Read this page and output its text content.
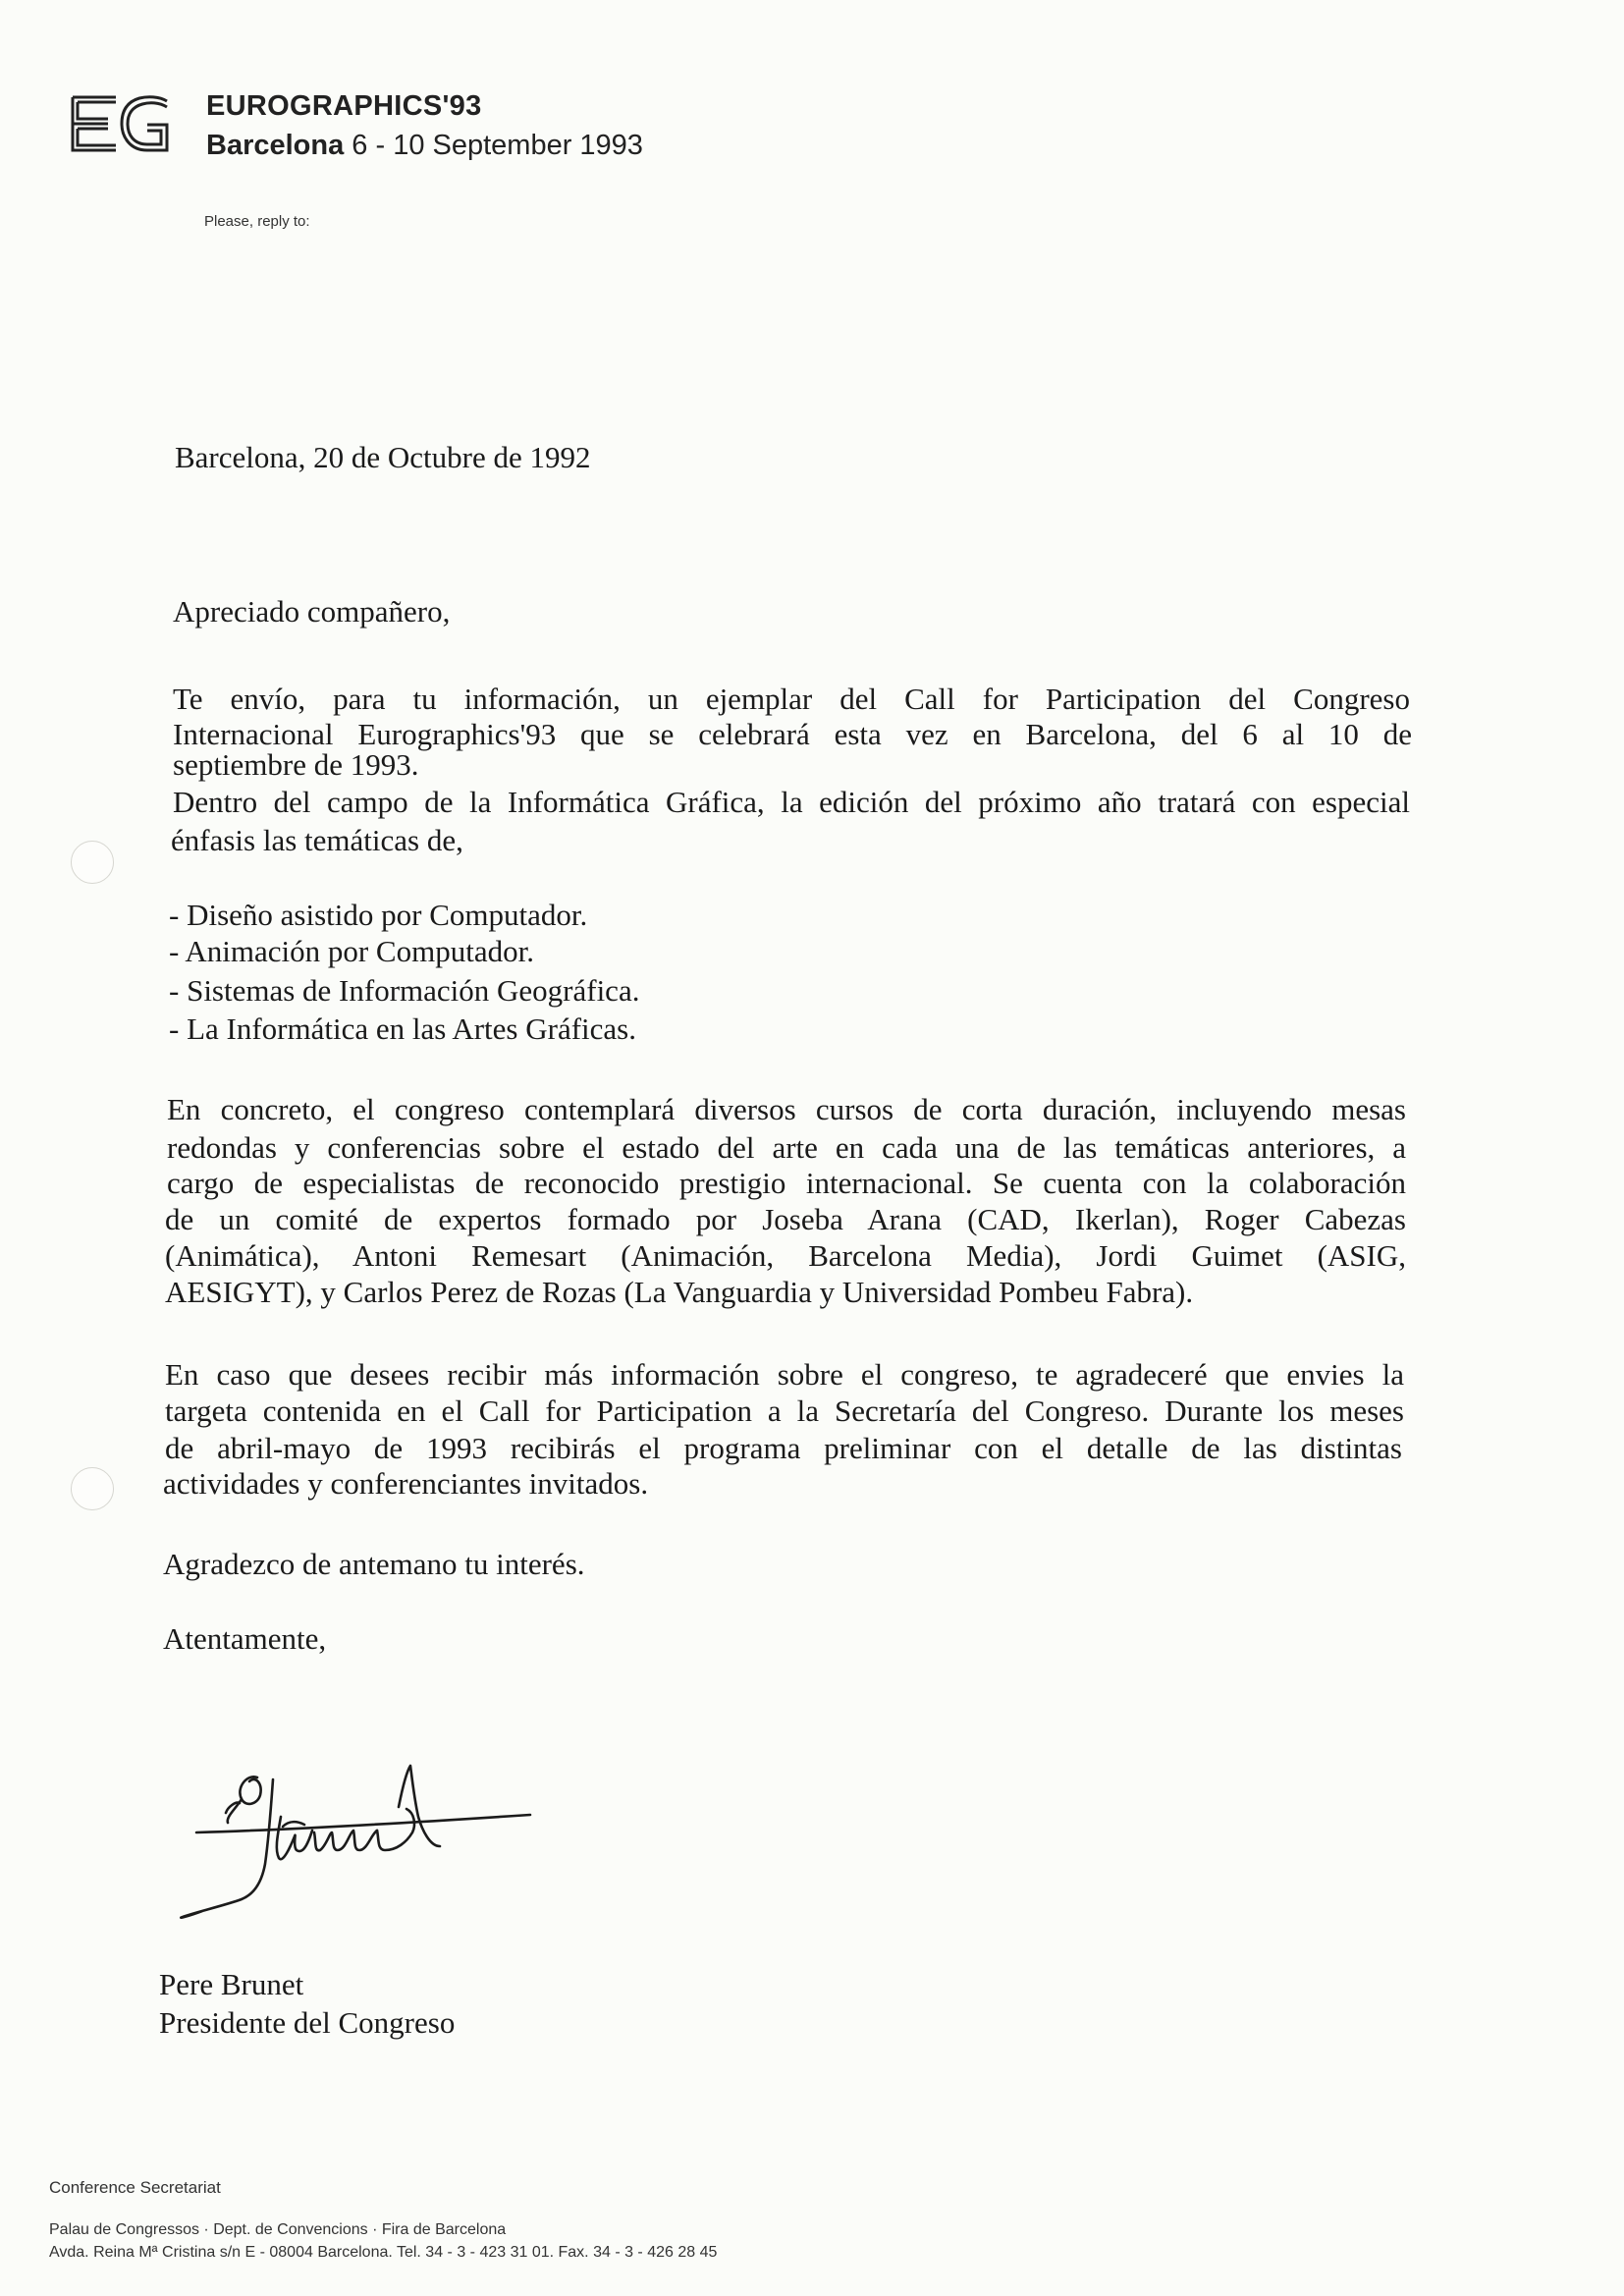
EUROGRAPHICS'93
Barcelona 6 - 10 September 1993
Please, reply to:
Barcelona, 20 de Octubre de 1992
Apreciado compañero,
Te envío, para tu información, un ejemplar del Call for Participation del Congreso
Internacional Eurographics'93 que se celebrará esta vez en Barcelona, del 6 al 10 de
septiembre de 1993.
Dentro del campo de la Informática Gráfica, la edición del próximo año tratará con especial
énfasis las temáticas de,
- Diseño asistido por Computador.
- Animación por Computador.
- Sistemas de Información Geográfica.
- La Informática en las Artes Gráficas.
En concreto, el congreso contemplará diversos cursos de corta duración, incluyendo mesas
redondas y conferencias sobre el estado del arte en cada una de las temáticas anteriores, a
cargo de especialistas de reconocido prestigio internacional. Se cuenta con la colaboración
de un comité de expertos formado por Joseba Arana (CAD, Ikerlan), Roger Cabezas
(Animática), Antoni Remesart (Animación, Barcelona Media), Jordi Guimet (ASIG,
AESIGYT), y Carlos Perez de Rozas (La Vanguardia y Universidad Pombeu Fabra).
En caso que desees recibir más información sobre el congreso, te agradeceré que envies la
targeta contenida en el Call for Participation a la Secretaría del Congreso. Durante los meses
de abril-mayo de 1993 recibirás el programa preliminar con el detalle de las distintas
actividades y conferenciantes invitados.
Agradezco de antemano tu interés.
Atentamente,
Pere Brunet
Presidente del Congreso
Conference Secretariat
Palau de Congressos · Dept. de Convencions · Fira de Barcelona
Avda. Reina Mª Cristina s/n E - 08004 Barcelona. Tel. 34 - 3 - 423 31 01. Fax. 34 - 3 - 426 28 45
